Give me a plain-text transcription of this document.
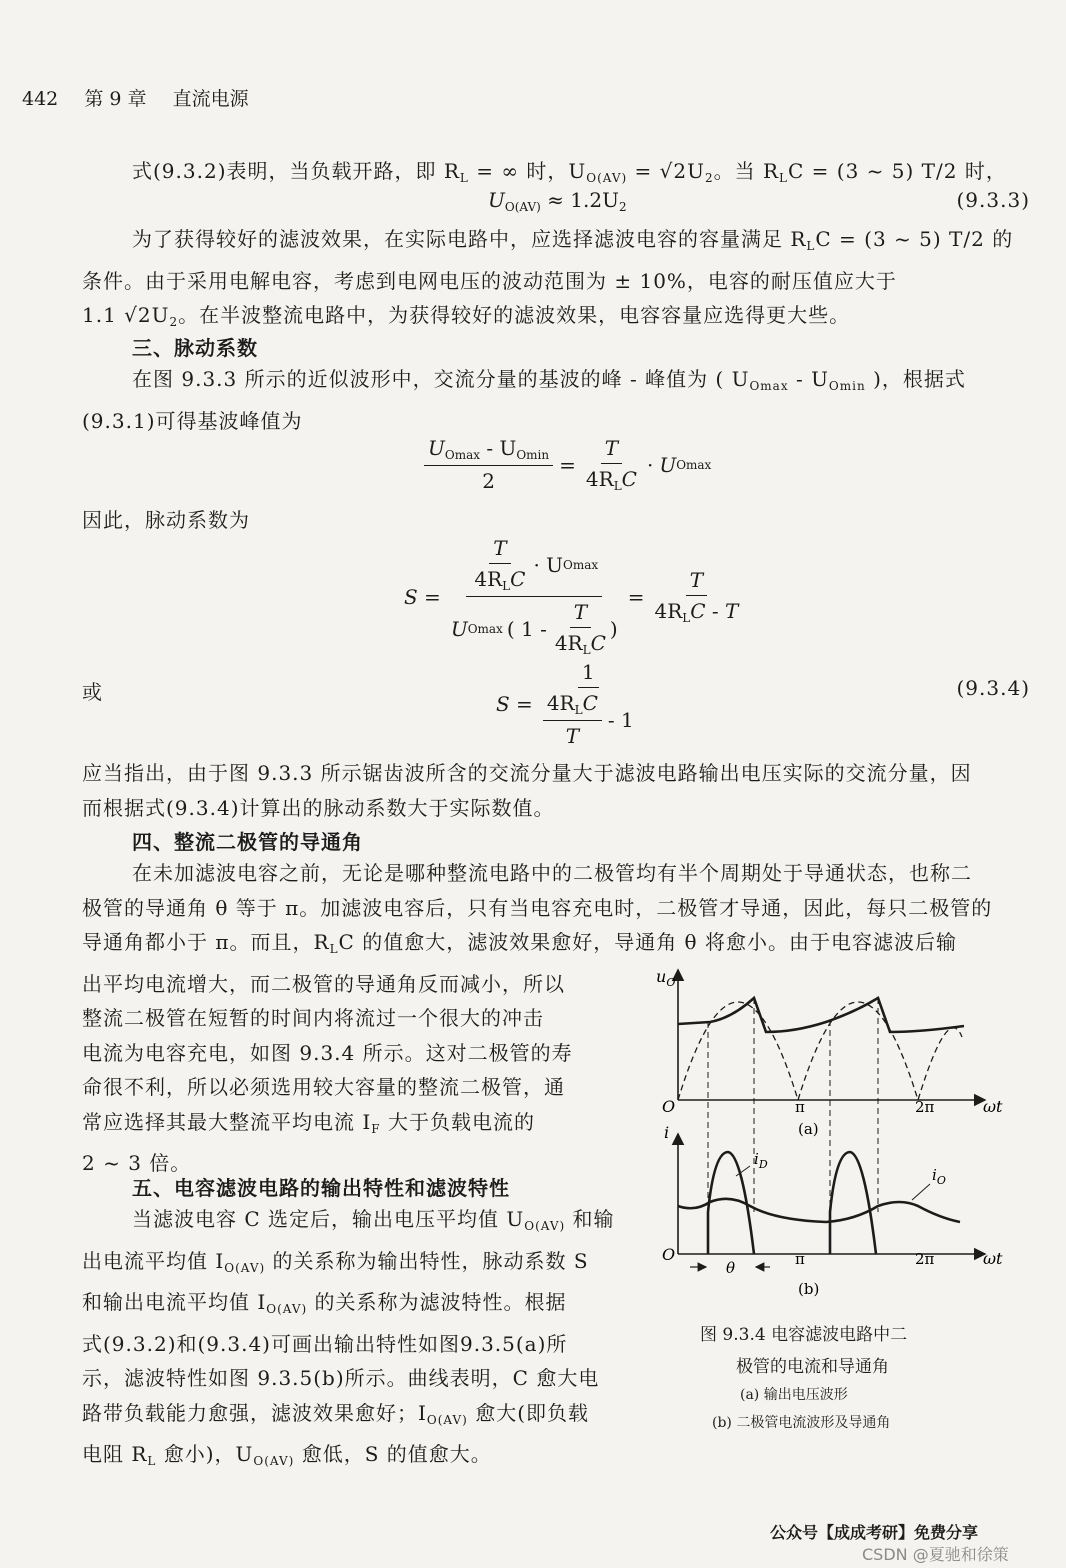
442 第 9 章 直流电源
式(9.3.2)表明，当负载开路，即 $R_L$ = ∞ 时，$U_{O(AV)} = √2U_2$。当 $R_LC = (3$ ~ 5) T/2 时，
$U_{O(AV)} \approx 1.2U_2$	(9.3.3)
为了获得较好的滤波效果，在实际电路中，应选择滤波电容的容量满足 $R_LC = (3$ ~ 5) T/2 的
条件。由于采用电解电容，考虑到电网电压的波动范围为 ± 10%，电容的耐压值应大于
1.1 $√2U_2$。在半波整流电路中，为获得较好的滤波效果，电容容量应选得更大些。
三、脉动系数
在图 9.3.3 所示的近似波形中，交流分量的基波的峰 - 峰值为 ( $U_{Omax} - U_{Omin}$ )，根据式
(9.3.1)可得基波峰值为
$\frac{U_{Omax} - U_{Omin}}{2} = \frac{T}{4R_LC} \cdot U$ Omax
因此，脉动系数为
$S = \frac{\frac{T}{4R_LC} \cdot U Omax}{U Omax ( 1 - \frac{T}{4R_LC} )} = \frac{T}{4R_LC - T}$
或	$S = \frac{1}{\frac{4R_LC}{T} - 1}$	(9.3.4)
应当指出，由于图 9.3.3 所示锯齿波所含的交流分量大于滤波电路输出电压实际的交流分量，因
而根据式(9.3.4)计算出的脉动系数大于实际数值。
四、整流二极管的导通角
在未加滤波电容之前，无论是哪种整流电路中的二极管均有半个周期处于导通状态，也称二
极管的导通角 θ 等于 π。加滤波电容后，只有当电容充电时，二极管才导通，因此，每只二极管的
导通角都小于 π。而且，$R_LC$ 的值愈大，滤波效果愈好，导通角 θ 将愈小。由于电容滤波后输
出平均电流增大，而二极管的导通角反而减小，所以
整流二极管在短暂的时间内将流过一个很大的冲击
电流为电容充电，如图 9.3.4 所示。这对二极管的寿
命很不利，所以必须选用较大容量的整流二极管，通
常应选择其最大整流平均电流 $I_F$ 大于负载电流的
2 ~ 3 倍。
五、电容滤波电路的输出特性和滤波特性
当滤波电容 C 选定后，输出电压平均值 $U_{O(AV)}$ 和输
出电流平均值 $I_{O(AV)}$ 的关系称为输出特性，脉动系数 S
和输出电流平均值 $I_{O(AV)}$ 的关系称为滤波特性。根据
式(9.3.2)和(9.3.4)可画出输出特性如图9.3.5(a)所
示，滤波特性如图 9.3.5(b)所示。曲线表明，C 愈大电
路带负载能力愈强，滤波效果愈好；$I_{O(AV)}$ 愈大(即负载
电阻 $R_L$ 愈小)，$U_{O(AV)}$ 愈低，S 的值愈大。
$u_O$
O	π	2π	ωt
(a)
i
O	π	2π	ωt
(b)
$i_D$
$i_O$
θ
图 9.3.4 电容滤波电路中二
极管的电流和导通角
(a) 输出电压波形
(b) 二极管电流波形及导通角
公众号【成成考研】免费分享
CSDN @夏驰和徐策
